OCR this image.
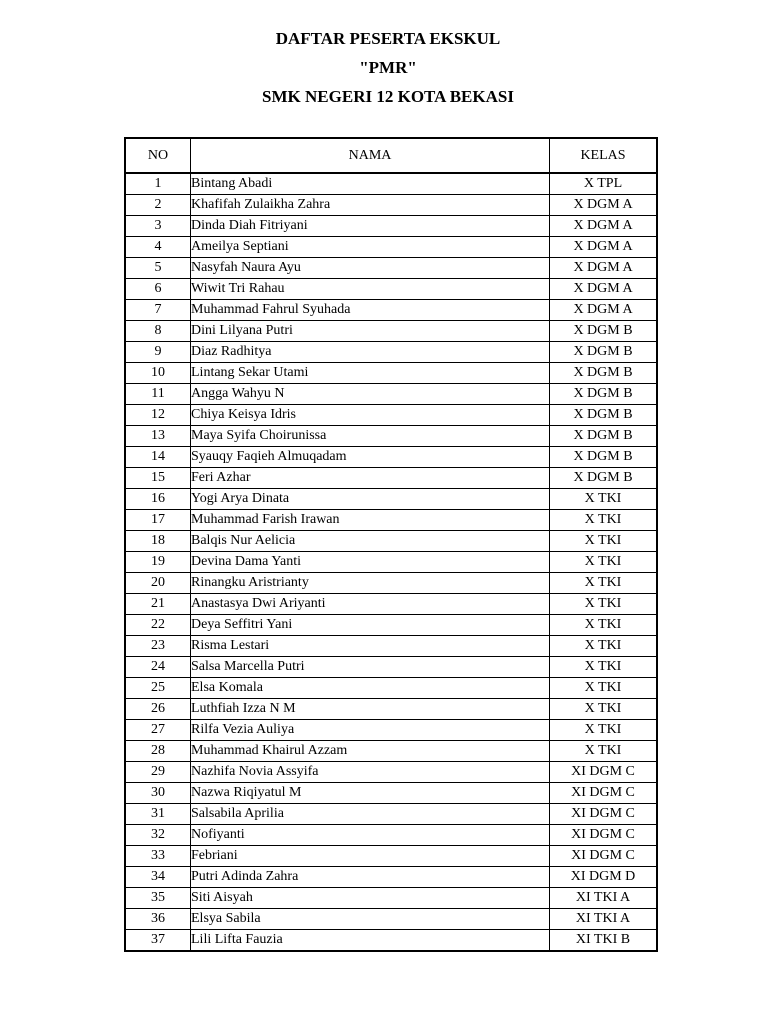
DAFTAR PESERTA EKSKUL
"PMR"
SMK NEGERI 12 KOTA BEKASI
NO	NAMA	KELAS
1	Bintang Abadi	X TPL
2	Khafifah Zulaikha Zahra	X DGM A
3	Dinda Diah Fitriyani	X DGM A
4	Ameilya Septiani	X DGM A
5	Nasyfah Naura Ayu	X DGM A
6	Wiwit Tri Rahau	X DGM A
7	Muhammad Fahrul Syuhada	X DGM A
8	Dini Lilyana Putri	X DGM B
9	Diaz Radhitya	X DGM B
10	Lintang Sekar Utami	X DGM B
11	Angga Wahyu N	X DGM B
12	Chiya Keisya Idris	X DGM B
13	Maya Syifa Choirunissa	X DGM B
14	Syauqy Faqieh Almuqadam	X DGM B
15	Feri Azhar	X DGM B
16	Yogi Arya Dinata	X TKI
17	Muhammad Farish Irawan	X TKI
18	Balqis Nur Aelicia	X TKI
19	Devina Dama Yanti	X TKI
20	Rinangku Aristrianty	X TKI
21	Anastasya Dwi Ariyanti	X TKI
22	Deya Seffitri Yani	X TKI
23	Risma Lestari	X TKI
24	Salsa Marcella Putri	X TKI
25	Elsa Komala	X TKI
26	Luthfiah Izza N M	X TKI
27	Rilfa Vezia Auliya	X TKI
28	Muhammad Khairul Azzam	X TKI
29	Nazhifa Novia Assyifa	XI DGM C
30	Nazwa Riqiyatul M	XI DGM C
31	Salsabila Aprilia	XI DGM C
32	Nofiyanti	XI DGM C
33	Febriani	XI DGM C
34	Putri Adinda Zahra	XI DGM D
35	Siti Aisyah	XI TKI A
36	Elsya Sabila	XI TKI A
37	Lili Lifta Fauzia	XI TKI B
